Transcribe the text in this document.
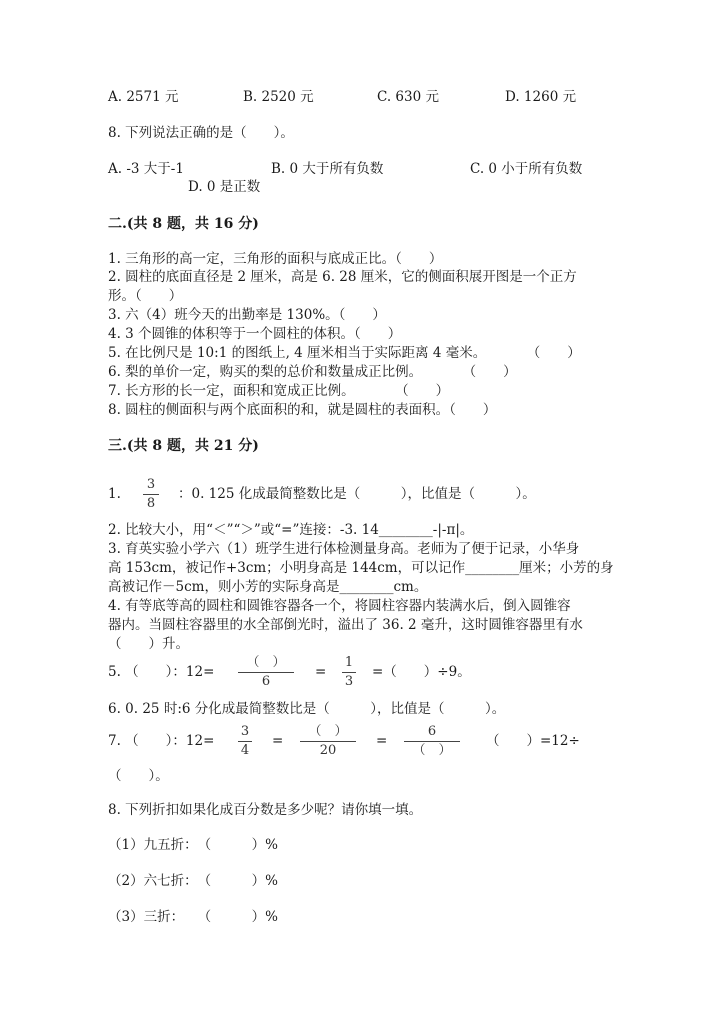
A. 2571 元	B. 2520 元	C. 630 元	D. 1260 元
8. 下列说法正确的是（　　）。
A. -3 大于-1	B. 0 大于所有负数	C. 0 小于所有负数
D. 0 是正数
二.(共 8 题，共 16 分)
1. 三角形的高一定，三角形的面积与底成正比。（　　）
2. 圆柱的底面直径是 2 厘米，高是 6. 28 厘米，它的侧面积展开图是一个正方
形。（　　）
3. 六（4）班今天的出勤率是 130%。（　　）
4. 3 个圆锥的体积等于一个圆柱的体积。（　　）
5. 在比例尺是 10:1 的图纸上, 4 厘米相当于实际距离 4 毫米。　　　　（　　）
6. 梨的单价一定，购买的梨的总价和数量成正比例。　　　　（　　）
7. 长方形的长一定，面积和宽成正比例。　　　　（　　）
8. 圆柱的侧面积与两个底面积的和，就是圆柱的表面积。（　　）
三.(共 8 题，共 21 分)
1.
3
8
：0. 125 化成最简整数比是（　　　），比值是（　　　）。
2. 比较大小，用“＜”“＞”或“=”连接：-3. 14________-|-π|。
3. 育英实验小学六（1）班学生进行体检测量身高。老师为了便于记录，小华身
高 153cm，被记作+3cm；小明身高是 144cm，可以记作________厘米；小芳的身
高被记作－5cm，则小芳的实际身高是________cm。
4. 有等底等高的圆柱和圆锥容器各一个，将圆柱容器内装满水后，倒入圆锥容
器内。当圆柱容器里的水全部倒光时，溢出了 36. 2 毫升，这时圆锥容器里有水
（　　）升。
5. （　　）：12=
（　）
6
=
1
3
=（　　）÷9。
6. 0. 25 时:6 分化成最简整数比是（　　　），比值是（　　　）。
7. （　　）：12=
3
4
=
（　）
20
=
6
（　）
（　　）=12÷
（　　）。
8. 下列折扣如果化成百分数是多少呢？请你填一填。
（1）九五折：　（　　　）%
（2）六七折：　（　　　）%
（3）三折：　　（　　　）%
